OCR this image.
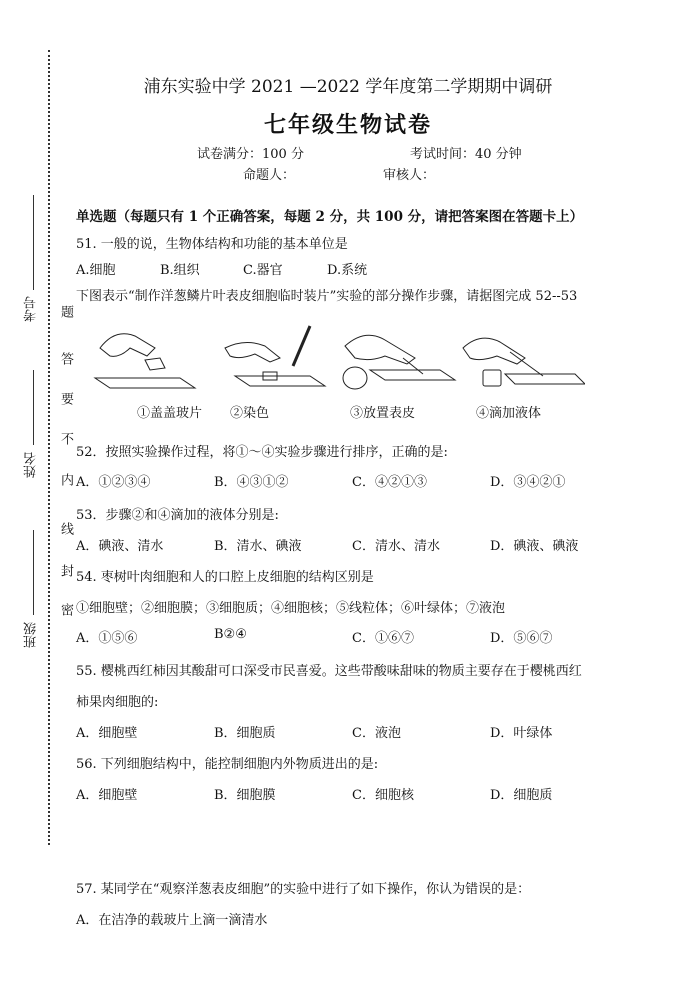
考号
姓名
班级
题
答
要
不
内
线
封
密
浦东实验中学 2021 —2022 学年度第二学期期中调研
七年级生物试卷
试卷满分：100 分	考试时间：40 分钟
命题人：	审核人：
单选题（每题只有 1 个正确答案，每题 2 分，共 100 分，请把答案图在答题卡上）
51. 一般的说，生物体结构和功能的基本单位是
A.细胞	B.组织	C.器官	D.系统
下图表示“制作洋葱鳞片叶表皮细胞临时装片”实验的部分操作步骤，请据图完成 52--53
①盖盖玻片 ②染色	③放置表皮	④滴加液体
52．按照实验操作过程，将①～④实验步骤进行排序，正确的是:
A．①②③④	B．④③①②	C．④②①③	D．③④②①
53．步骤②和④滴加的液体分别是:
A．碘液、清水	B．清水、碘液	C．清水、清水	D．碘液、碘液
54. 枣树叶肉细胞和人的口腔上皮细胞的结构区别是
①细胞壁；②细胞膜；③细胞质；④细胞核；⑤线粒体；⑥叶绿体；⑦液泡
A．①⑤⑥	B②④	C．①⑥⑦	D．⑤⑥⑦
55. 樱桃西红柿因其酸甜可口深受市民喜爱。这些带酸味甜味的物质主要存在于樱桃西红
柿果肉细胞的:
A．细胞壁	B．细胞质	C．液泡	D．叶绿体
56. 下列细胞结构中，能控制细胞内外物质进出的是:
A．细胞壁	B．细胞膜	C．细胞核	D．细胞质
57. 某同学在“观察洋葱表皮细胞”的实验中进行了如下操作，你认为错误的是：
A．在洁净的载玻片上滴一滴清水
